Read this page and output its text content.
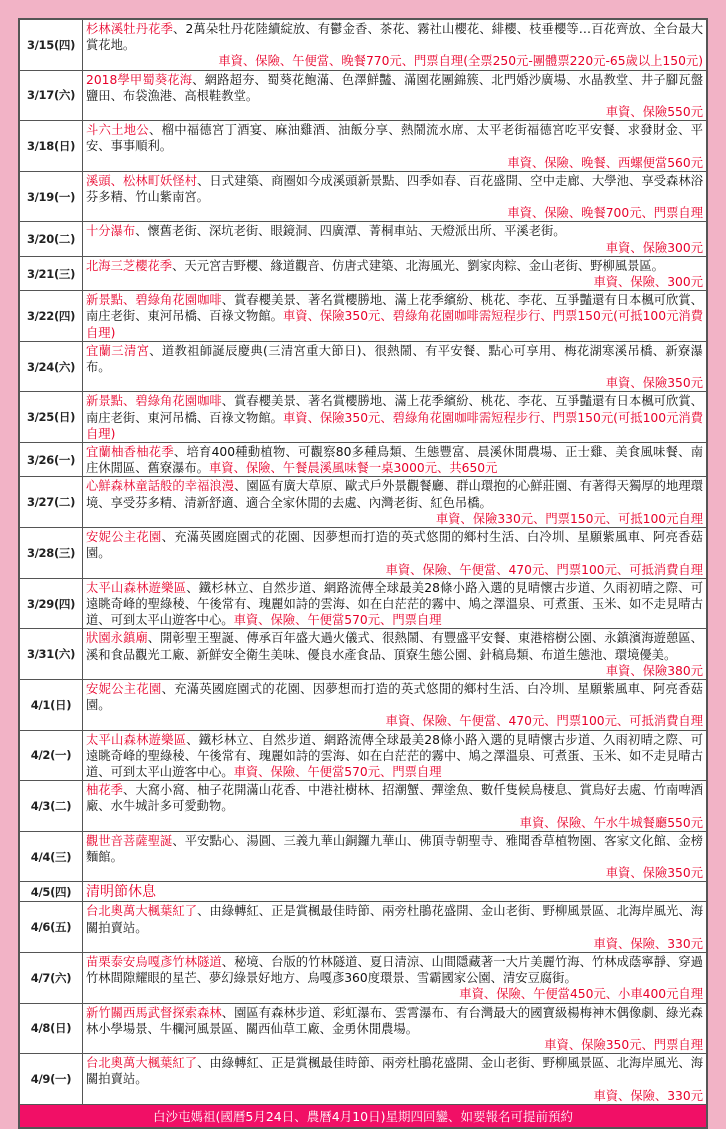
3/15(四)	杉林溪牡丹花季、2萬朵牡丹花陸續綻放、有鬱金香、茶花、霧社山櫻花、緋櫻、枝垂櫻等…百花齊放、全台最大賞花地。
車資、保險、午便當、晚餐770元、門票自理(全票250元-團體票220元-65歲以上150元)

3/17(六)	2018學甲蜀葵花海、網路超夯、蜀葵花飽滿、色澤鮮豔、滿園花團錦簇、北門婚沙廣場、水晶教堂、井子腳瓦盤鹽田、布袋漁港、高根鞋教堂。
車資、保險550元

3/18(日)	斗六土地公、榴中福德宮丁酒宴、麻油雞酒、油飯分享、熱鬧流水席、太平老街福德宮吃平安餐、求發財金、平安、事事順利。
車資、保險、晚餐、西螺便當560元

3/19(一)	溪頭、松林町妖怪村、日式建築、商圈如今成溪頭新景點、四季如春、百花盛開、空中走廊、大學池、享受森林浴芬多精、竹山紫南宮。
車資、保險、晚餐700元、門票自理

3/20(二)	十分瀑布、懷舊老街、深坑老街、眼鏡洞、四廣潭、菁桐車站、天燈派出所、平溪老街。
車資、保險300元

3/21(三)	北海三芝櫻花季、天元宮吉野櫻、緣道觀音、仿唐式建築、北海風光、劉家肉粽、金山老街、野柳風景區。
車資、保險、300元

3/22(四)	新景點、碧綠角花園咖啡、賞春櫻美景、著名賞櫻勝地、滿上花季繽紛、桃花、李花、互爭豔還有日本楓可欣賞、南庄老街、東河吊橋、百祿文物館。車資、保險350元、碧綠角花園咖啡需短程步行、門票150元(可抵100元消費自理)
3/24(六)	宜蘭三清宮、道教祖師誕辰慶典(三清宮重大節日)、很熱鬧、有平安餐、點心可享用、梅花湖寒溪吊橋、新寮瀑布。
車資、保險350元

3/25(日)	新景點、碧綠角花園咖啡、賞春櫻美景、著名賞櫻勝地、滿上花季繽紛、桃花、李花、互爭豔還有日本楓可欣賞、南庄老街、東河吊橋、百祿文物館。車資、保險350元、碧綠角花園咖啡需短程步行、門票150元(可抵100元消費自理)
3/26(一)	宜蘭柚香柚花季、培育400種動植物、可觀察80多種鳥類、生態豐富、晨溪休閒農場、正士雞、美食風味餐、南庄休閒區、舊寮瀑布。車資、保險、午餐晨溪風味餐一桌3000元、共650元
3/27(二)	心鮮森林童話般的幸福浪漫、園區有廣大草原、歐式戶外景觀餐廳、群山環抱的心鮮莊園、有著得天獨厚的地理環境、享受芬多精、清新舒適、適合全家休閒的去處、內灣老街、紅色吊橋。
車資、保險330元、門票150元、可抵100元自理

3/28(三)	安妮公主花園、充滿英國庭園式的花園、因夢想而打造的英式悠閒的鄉村生活、白冷圳、星願紫風車、阿亮香菇園。
車資、保險、午便當、470元、門票100元、可抵消費自理

3/29(四)	太平山森林遊樂區、鐵杉林立、自然步道、網路流傳全球最美28條小路入選的見晴懷古步道、久雨初晴之際、可遠眺奇峰的聖綠稜、午後常有、瑰麗如詩的雲海、如在白茫茫的霧中、鳩之澤溫泉、可煮蛋、玉米、如不走見晴古道、可到太平山遊客中心。車資、保險、午便當570元、門票自理
3/31(六)	狀園永鎮廟、開彰聖王聖誕、傳承百年盛大過火儀式、很熱鬧、有豐盛平安餐、東港榕樹公園、永鎮濱海遊憩區、溪和食品觀光工廠、新鮮安全衛生美味、優良水產食品、頂寮生態公園、針稿鳥類、布道生態池、環境優美。
車資、保險380元

4/1(日)	安妮公主花園、充滿英國庭園式的花園、因夢想而打造的英式悠閒的鄉村生活、白冷圳、星願紫風車、阿亮香菇園。
車資、保險、午便當、470元、門票100元、可抵消費自理

4/2(一)	太平山森林遊樂區、鐵杉林立、自然步道、網路流傳全球最美28條小路入選的見晴懷古步道、久雨初晴之際、可遠眺奇峰的聖綠稜、午後常有、瑰麗如詩的雲海、如在白茫茫的霧中、鳩之澤溫泉、可煮蛋、玉米、如不走見晴古道、可到太平山遊客中心。車資、保險、午便當570元、門票自理
4/3(二)	柚花季、大窩小窩、柚子花開滿山花香、中港社樹林、招潮蟹、彈塗魚、數仟隻候鳥棲息、賞鳥好去處、竹南啤酒廠、水牛城計多可愛動物。
車資、保險、午水牛城餐廳550元

4/4(三)	觀世音菩薩聖誕、平安點心、湯圓、三義九華山銅鑼九華山、佛頂寺朝聖寺、雅聞香草植物園、客家文化館、金榜麵館。
車資、保險350元

4/5(四)	清明節休息
4/6(五)	台北奧萬大楓葉紅了、由綠轉紅、正是賞楓最佳時節、兩旁杜鵑花盛開、金山老街、野柳風景區、北海岸風光、海關拍賣站。
車資、保險、330元

4/7(六)	苗栗泰安烏嘎彥竹林隧道、秘境、台版的竹林隧道、夏日清涼、山間隱藏著一大片美麗竹海、竹林成蔭寧靜、穿過竹林間隙耀眼的星芒、夢幻綠景好地方、烏嘎彥360度環景、雪霸國家公園、清安豆腐街。
車資、保險、午便當450元、小車400元自理

4/8(日)	新竹關西馬武督探索森林、園區有森林步道、彩虹瀑布、雲霄瀑布、有台灣最大的國寶級楊梅神木偶像劇、綠光森林小學場景、牛欄河風景區、關西仙草工廠、金勇休閒農場。
車資、保險350元、門票自理

4/9(一)	台北奧萬大楓葉紅了、由綠轉紅、正是賞楓最佳時節、兩旁杜鵑花盛開、金山老街、野柳風景區、北海岸風光、海關拍賣站。
車資、保險、330元

白沙屯媽祖(國曆5月24日、農曆4月10日)星期四回鑾、如要報名可提前預約	
